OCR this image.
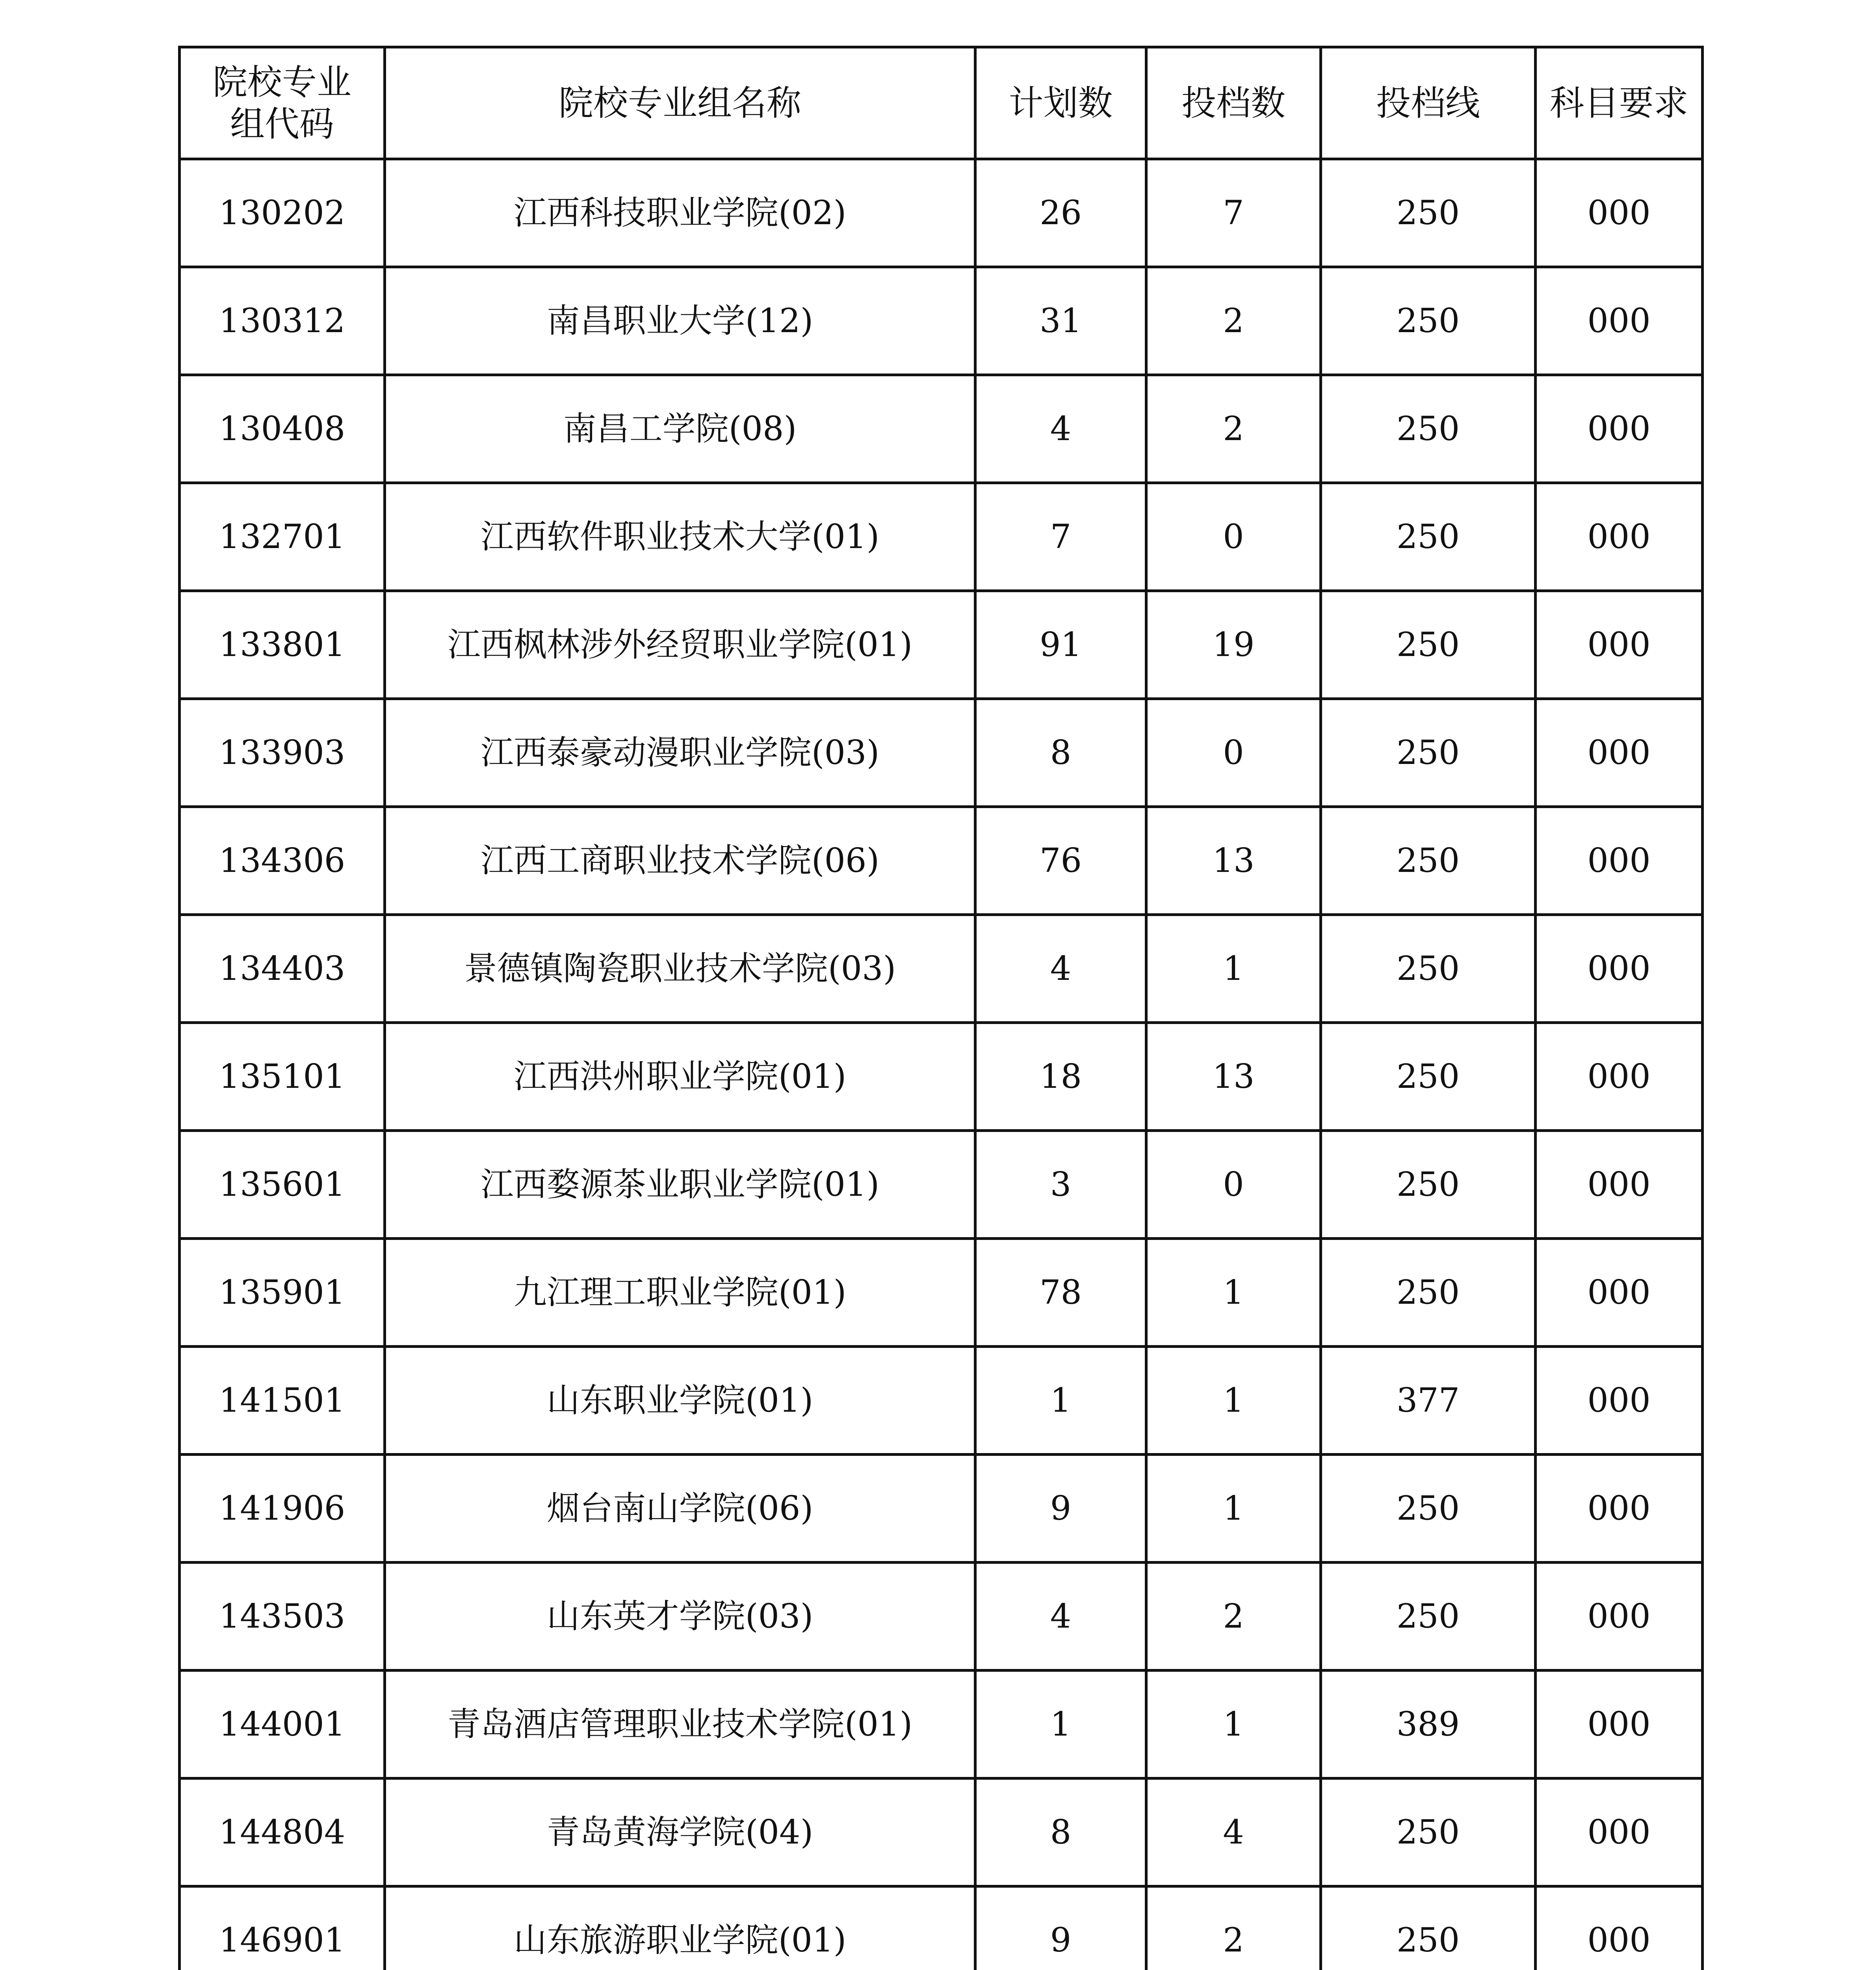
院校专业组代码	院校专业组名称	计划数	投档数	投档线	科目要求
130202	江西科技职业学院(02)	26	7	250	000
130312	南昌职业大学(12)	31	2	250	000
130408	南昌工学院(08)	4	2	250	000
132701	江西软件职业技术大学(01)	7	0	250	000
133801	江西枫林涉外经贸职业学院(01)	91	19	250	000
133903	江西泰豪动漫职业学院(03)	8	0	250	000
134306	江西工商职业技术学院(06)	76	13	250	000
134403	景德镇陶瓷职业技术学院(03)	4	1	250	000
135101	江西洪州职业学院(01)	18	13	250	000
135601	江西婺源茶业职业学院(01)	3	0	250	000
135901	九江理工职业学院(01)	78	1	250	000
141501	山东职业学院(01)	1	1	377	000
141906	烟台南山学院(06)	9	1	250	000
143503	山东英才学院(03)	4	2	250	000
144001	青岛酒店管理职业技术学院(01)	1	1	389	000
144804	青岛黄海学院(04)	8	4	250	000
146901	山东旅游职业学院(01)	9	2	250	000
